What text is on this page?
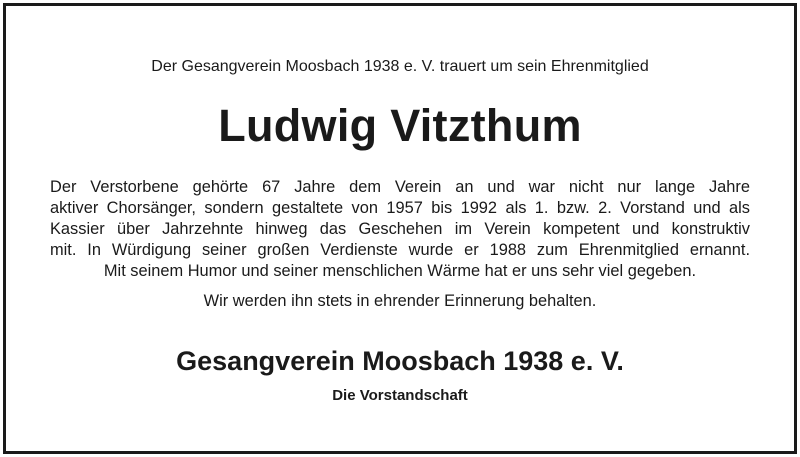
Der Gesangverein Moosbach 1938 e. V. trauert um sein Ehrenmitglied
Ludwig Vitzthum
Der Verstorbene gehörte 67 Jahre dem Verein an und war nicht nur lange Jahre
aktiver Chorsänger, sondern gestaltete von 1957 bis 1992 als 1. bzw. 2. Vorstand und als
Kassier über Jahrzehnte hinweg das Geschehen im Verein kompetent und konstruktiv
mit. In Würdigung seiner großen Verdienste wurde er 1988 zum Ehrenmitglied ernannt.
Mit seinem Humor und seiner menschlichen Wärme hat er uns sehr viel gegeben.
Wir werden ihn stets in ehrender Erinnerung behalten.
Gesangverein Moosbach 1938 e. V.
Die Vorstandschaft
